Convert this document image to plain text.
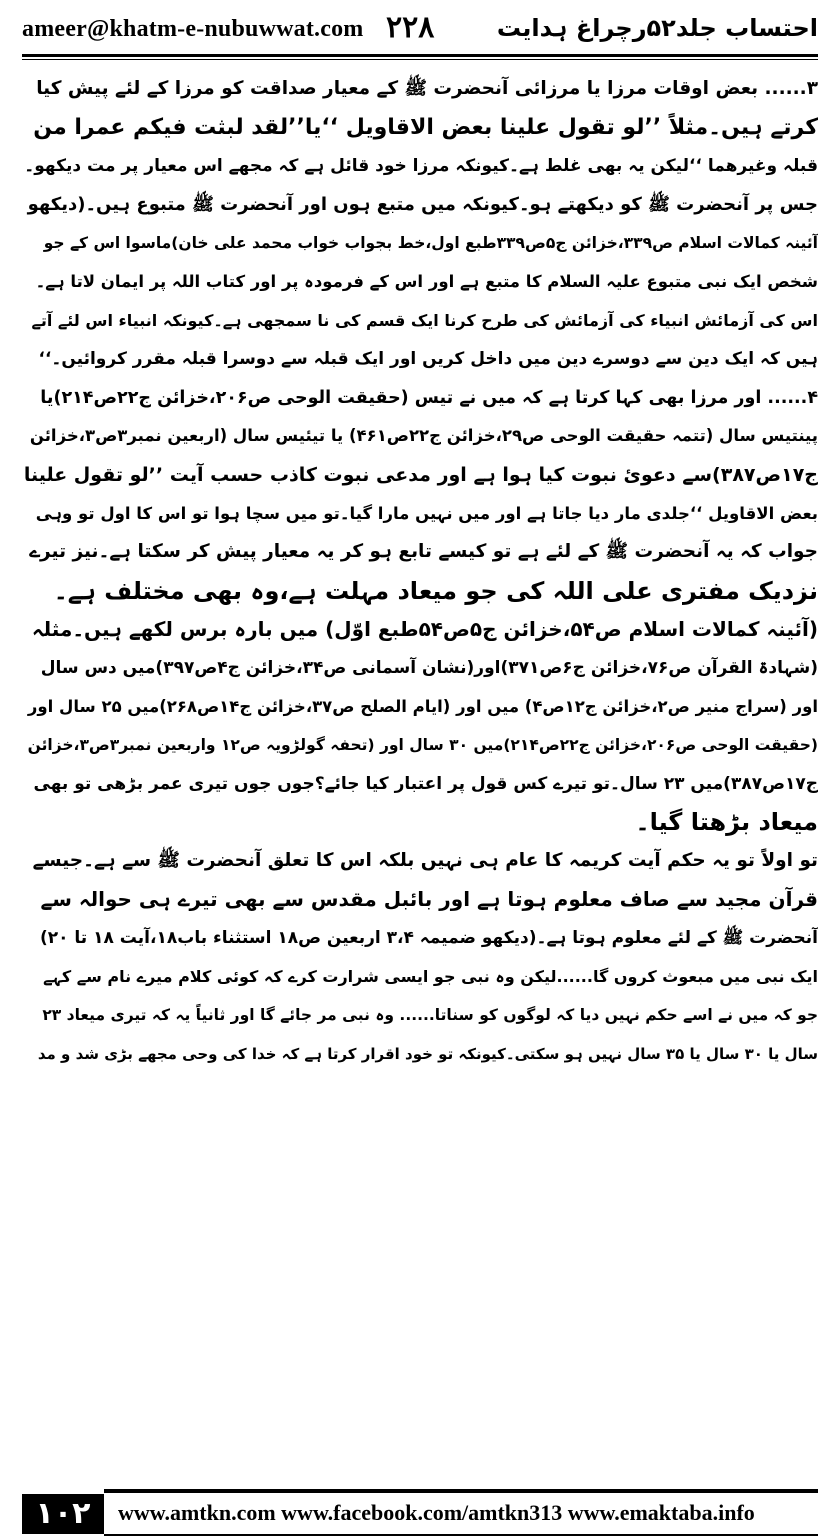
ameer@khatm-e-nubuwwat.com ۲۲۸	احتساب جلد۵۲رچراغ ہدایت
۳...... بعض اوقات مرزا یا مرزائی آنحضرت ﷺ کے معیار صداقت کو مرزا کے لئے پیش کیا
کرتے ہیں۔مثلاً ’’لو تقول علینا بعض الاقاویل ‘‘یا’’لقد لبثت فیکم عمرا من
قبلہ وغیرھما ‘‘لیکن یہ بھی غلط ہے۔کیونکہ مرزا خود قائل ہے کہ مجھے اس معیار پر مت دیکھو۔
جس پر آنحضرت ﷺ کو دیکھتے ہو۔کیونکہ میں متبع ہوں اور آنحضرت ﷺ متبوع ہیں۔(دیکھو
آئینہ کمالات اسلام ص۳۳۹،خزائن ج۵ص۳۳۹طبع اول،خط بجواب خواب محمد علی خان)ماسوا اس کے جو
شخص ایک نبی متبوع علیہ السلام کا متبع ہے اور اس کے فرمودہ پر اور کتاب اللہ پر ایمان لاتا ہے۔
اس کی آزمائش انبیاء کی آزمائش کی طرح کرنا ایک قسم کی نا سمجھی ہے۔کیونکہ انبیاء اس لئے آتے
ہیں کہ ایک دین سے دوسرے دین میں داخل کریں اور ایک قبلہ سے دوسرا قبلہ مقرر کروائیں۔‘‘
۴...... اور مرزا بھی کہا کرتا ہے کہ میں نے تیس (حقیقت الوحی ص۲۰۶،خزائن ج۲۲ص۲۱۴)یا
پینتیس سال (تتمہ حقیقت الوحی ص۲۹،خزائن ج۲۲ص۴۶۱) یا تیئیس سال (اربعین نمبر۳ص۳،خزائن
ج۱۷ص۳۸۷)سے دعوئ نبوت کیا ہوا ہے اور مدعی نبوت کاذب حسب آیت ’’لو تقول علینا
بعض الاقاویل ‘‘جلدی مار دیا جاتا ہے اور میں نہیں مارا گیا۔تو میں سچا ہوا تو اس کا اول تو وہی
جواب کہ یہ آنحضرت ﷺ کے لئے ہے تو کیسے تابع ہو کر یہ معیار پیش کر سکتا ہے۔نیز تیرے
نزدیک مفتری علی اللہ کی جو میعاد مہلت ہے،وہ بھی مختلف ہے۔
(آئینہ کمالات اسلام ص۵۴،خزائن ج۵ص۵۴طبع اوّل) میں بارہ برس لکھے ہیں۔مثلہ
(شہادۃ القرآن ص۷۶،خزائن ج۶ص۳۷۱)اور(نشان آسمانی ص۳۴،خزائن ج۴ص۳۹۷)میں دس سال
اور (سراج منیر ص۲،خزائن ج۱۲ص۴) میں اور (ایام الصلح ص۳۷،خزائن ج۱۴ص۲۶۸)میں ۲۵ سال اور
(حقیقت الوحی ص۲۰۶،خزائن ج۲۲ص۲۱۴)میں ۳۰ سال اور (تحفہ گولڑویہ ص۱۲ واربعین نمبر۳ص۳،خزائن
ج۱۷ص۳۸۷)میں ۲۳ سال۔تو تیرے کس قول پر اعتبار کیا جائے؟جوں جوں تیری عمر بڑھی تو بھی
میعاد بڑھتا گیا۔
تو اولاً تو یہ حکم آیت کریمہ کا عام ہی نہیں بلکہ اس کا تعلق آنحضرت ﷺ سے ہے۔جیسے
قرآن مجید سے صاف معلوم ہوتا ہے اور بائبل مقدس سے بھی تیرے ہی حوالہ سے
آنحضرت ﷺ کے لئے معلوم ہوتا ہے۔(دیکھو ضمیمہ ۳،۴ اربعین ص۱۸ استثناء باب۱۸،آیت ۱۸ تا ۲۰)
ایک نبی میں مبعوث کروں گا......لیکن وہ نبی جو ایسی شرارت کرے کہ کوئی کلام میرے نام سے کہے
جو کہ میں نے اسے حکم نہیں دیا کہ لوگوں کو سناتا...... وہ نبی مر جائے گا اور ثانیاً یہ کہ تیری میعاد ۲۳
سال یا ۳۰ سال یا ۳۵ سال نہیں ہو سکتی۔کیونکہ تو خود اقرار کرتا ہے کہ خدا کی وحی مجھے بڑی شد و مد
۱۰۲	www.amtkn.com www.facebook.com/amtkn313 www.emaktaba.info
